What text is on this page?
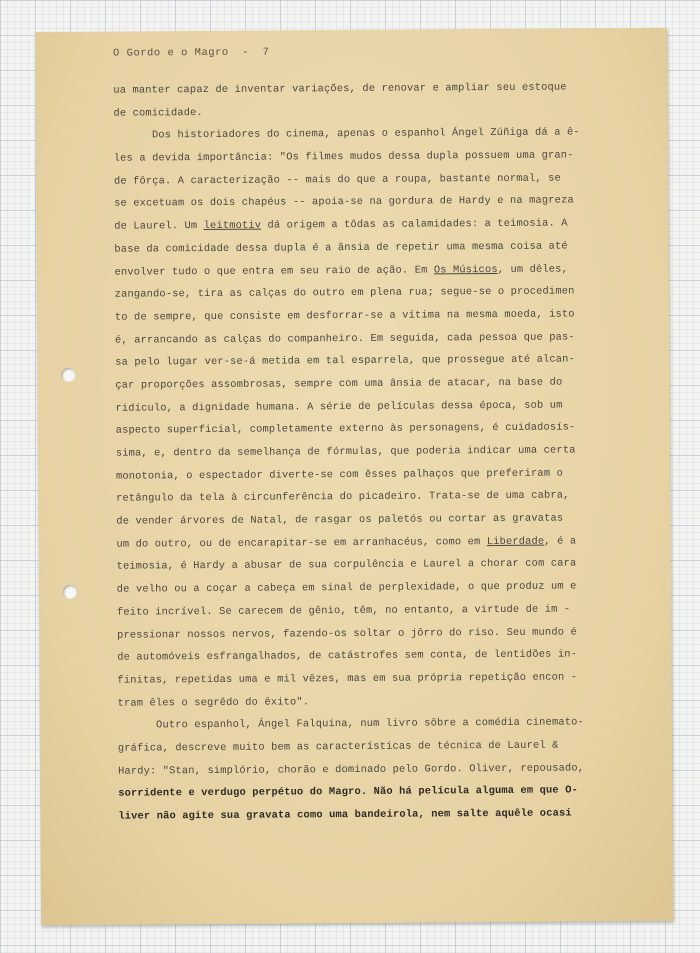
O Gordo e o Magro  -  7
ua manter capaz de inventar variações, de renovar e ampliar seu estoque
de comicidade.
Dos historiadores do cinema, apenas o espanhol Ángel Zúñiga dá a ê-
les a devida importância: "Os filmes mudos dessa dupla possuem uma gran-
de fôrça. A caracterização -- mais do que a roupa, bastante normal, se
se excetuam os dois chapéus -- apoia-se na gordura de Hardy e na magreza
de Laurel. Um leitmotiv dá origem a tôdas as calamidades: a teimosia. A
base da comicidade dessa dupla é a ânsia de repetir uma mesma coisa até
envolver tudo o que entra em seu raio de ação. Em Os Músicos, um dêles,
zangando-se, tira as calças do outro em plena rua; segue-se o procedimen
to de sempre, que consiste em desforrar-se a vítima na mesma moeda, isto
é, arrancando as calças do companheiro. Em seguida, cada pessoa que pas-
sa pelo lugar ver-se-á metida em tal esparrela, que prossegue até alcan-
çar proporções assombrosas, sempre com uma ânsia de atacar, na base do
ridículo, a dignidade humana. A série de películas dessa época, sob um
aspecto superficial, completamente externo às personagens, é cuidadosís-
sima, e, dentro da semelhança de fórmulas, que poderia indicar uma certa
monotonia, o espectador diverte-se com êsses palhaços que preferiram o
retângulo da tela à circunferência do picadeiro. Trata-se de uma cabra,
de vender árvores de Natal, de rasgar os paletós ou cortar as gravatas
um do outro, ou de encarapitar-se em arranhacéus, como em Liberdade, é a
teimosia, é Hardy a abusar de sua corpulência e Laurel a chorar com cara
de velho ou a coçar a cabeça em sinal de perplexidade, o que produz um e
feito incrível. Se carecem de gênio, têm, no entanto, a virtude de im -
pressionar nossos nervos, fazendo-os soltar o jôrro do riso. Seu mundo é
de automóveis esfrangalhados, de catástrofes sem conta, de lentidões in-
finitas, repetidas uma e mil vêzes, mas em sua própria repetição encon -
tram êles o segrêdo do êxito".
Outro espanhol, Ángel Falquina, num livro sôbre a comédia cinemato-
gráfica, descreve muito bem as características de técnica de Laurel &
Hardy: "Stan, simplório, chorão e dominado pelo Gordo. Oliver, repousado,
sorridente e verdugo perpétuo do Magro. Não há película alguma em que O-
liver não agite sua gravata como uma bandeirola, nem salte aquêle ocasi
